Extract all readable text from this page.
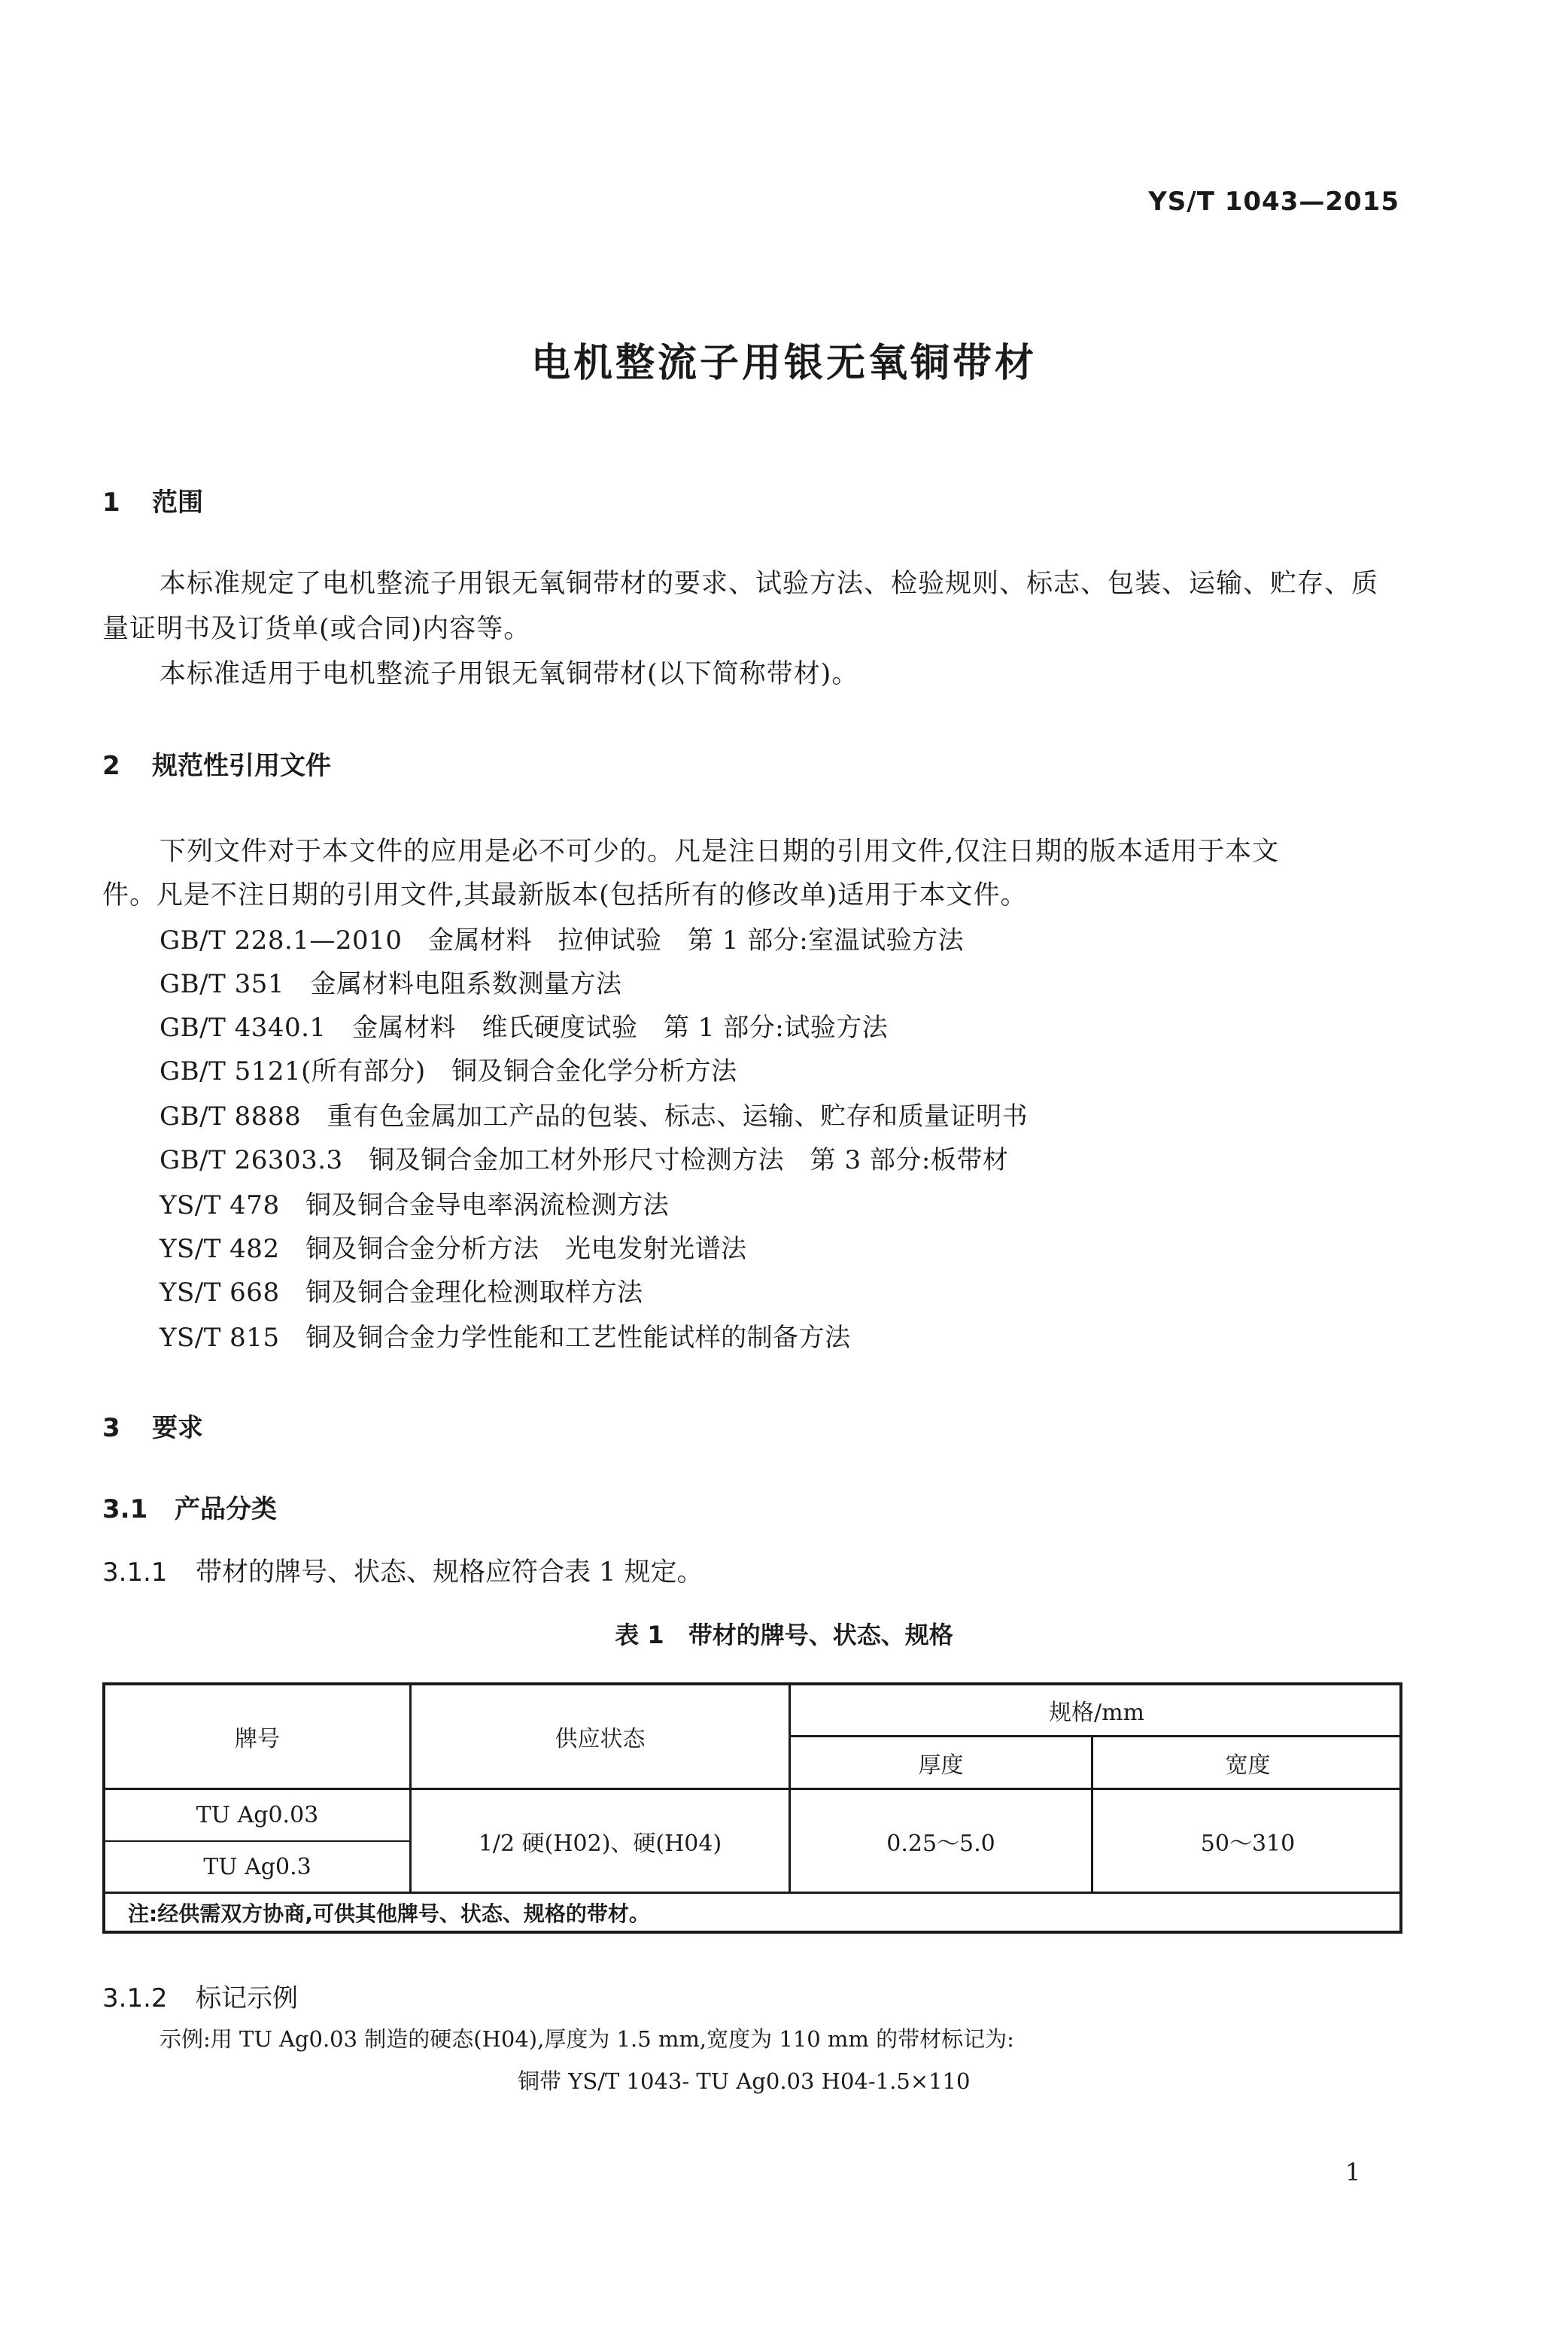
YS/T 1043—2015
电机整流子用银无氧铜带材
1 范围
本标准规定了电机整流子用银无氧铜带材的要求、试验方法、检验规则、标志、包装、运输、贮存、质
量证明书及订货单(或合同)内容等。
本标准适用于电机整流子用银无氧铜带材(以下简称带材)。
2 规范性引用文件
下列文件对于本文件的应用是必不可少的。凡是注日期的引用文件,仅注日期的版本适用于本文
件。凡是不注日期的引用文件,其最新版本(包括所有的修改单)适用于本文件。
GB/T 228.1—2010　金属材料　拉伸试验　第 1 部分:室温试验方法
GB/T 351　金属材料电阻系数测量方法
GB/T 4340.1　金属材料　维氏硬度试验　第 1 部分:试验方法
GB/T 5121(所有部分)　铜及铜合金化学分析方法
GB/T 8888　重有色金属加工产品的包装、标志、运输、贮存和质量证明书
GB/T 26303.3　铜及铜合金加工材外形尺寸检测方法　第 3 部分:板带材
YS/T 478　铜及铜合金导电率涡流检测方法
YS/T 482　铜及铜合金分析方法　光电发射光谱法
YS/T 668　铜及铜合金理化检测取样方法
YS/T 815　铜及铜合金力学性能和工艺性能试样的制备方法
3 要求
3.1 产品分类
3.1.1 带材的牌号、状态、规格应符合表 1 规定。
表 1　带材的牌号、状态、规格
牌号	供应状态
规格/mm
厚度	宽度
TU Ag0.03
TU Ag0.3
1/2 硬(H02)、硬(H04)	0.25～5.0	50～310
注:经供需双方协商,可供其他牌号、状态、规格的带材。
3.1.2 标记示例
示例:用 TU Ag0.03 制造的硬态(H04),厚度为 1.5 mm,宽度为 110 mm 的带材标记为:
铜带 YS/T 1043- TU Ag0.03 H04-1.5×110
1
